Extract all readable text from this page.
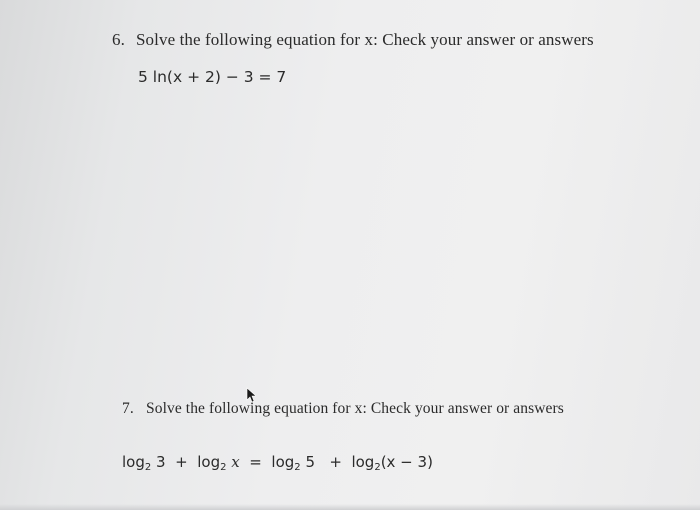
6. Solve the following equation for x: Check your answer or answers
5 ln(x + 2) − 3 = 7
7. Solve the following equation for x: Check your answer or answers
$\log_2 3 + \log_2 x = \log_2 5 + \log_2(x - 3)$
